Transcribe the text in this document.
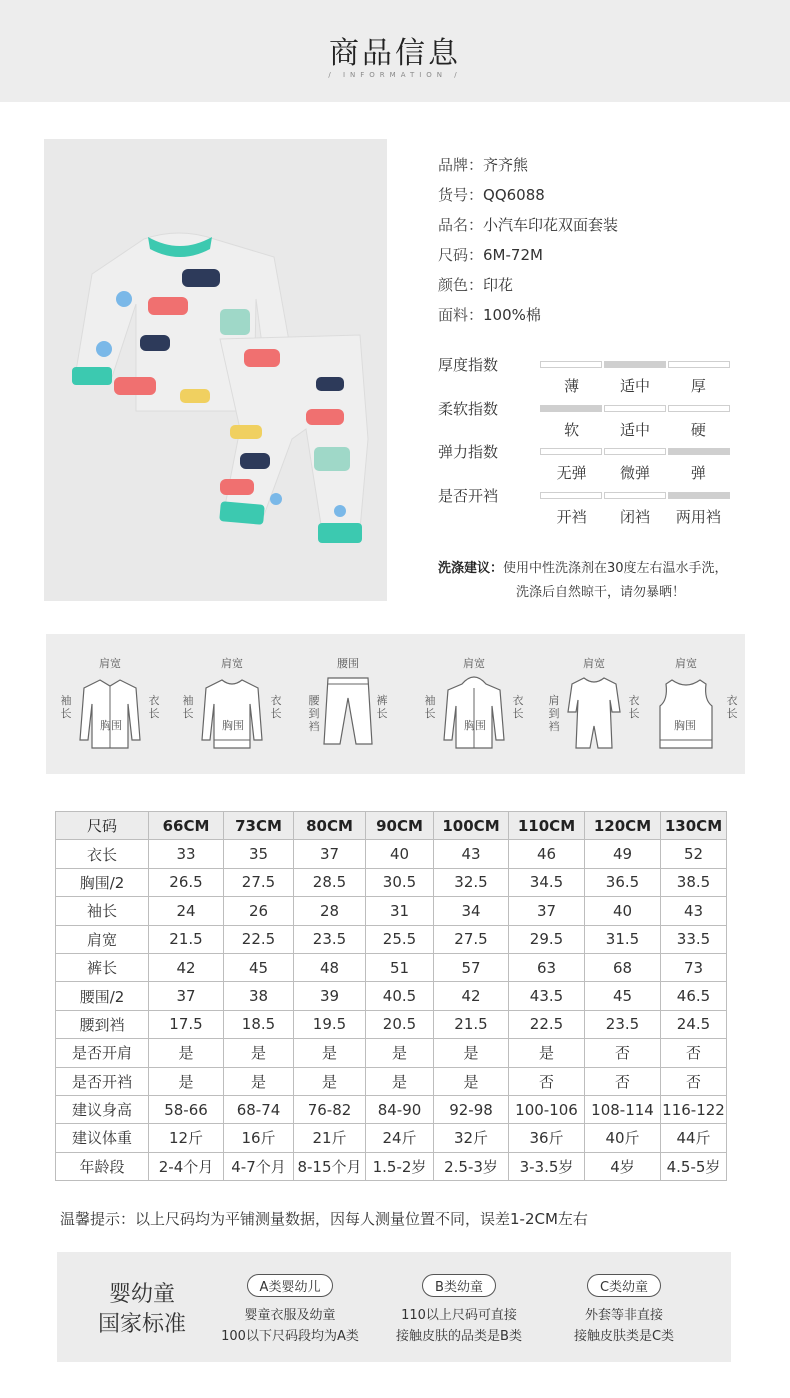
商品信息
/ INFORMATION /
品牌：齐齐熊
货号：QQ6088
品名：小汽车印花双面套装
尺码：6M-72M
颜色：印花
面料：100%棉
厚度指数
薄	适中	厚
柔软指数
软	适中	硬
弹力指数
无弹	微弹	弹
是否开裆
开裆	闭裆	两用裆
洗涤建议：使用中性洗涤剂在30度左右温水手洗，
洗涤后自然晾干，请勿暴晒！
肩宽
袖长
衣长
胸围
肩宽
袖长
衣长
胸围
腰围
腰到裆
裤长
肩宽
袖长
衣长
胸围
肩宽
肩到裆
衣长
肩宽
衣长
胸围
尺码	66CM	73CM	80CM	90CM	100CM	110CM	120CM	130CM
衣长	33	35	37	40	43	46	49	52
胸围/2	26.5	27.5	28.5	30.5	32.5	34.5	36.5	38.5
袖长	24	26	28	31	34	37	40	43
肩宽	21.5	22.5	23.5	25.5	27.5	29.5	31.5	33.5
裤长	42	45	48	51	57	63	68	73
腰围/2	37	38	39	40.5	42	43.5	45	46.5
腰到裆	17.5	18.5	19.5	20.5	21.5	22.5	23.5	24.5
是否开肩	是	是	是	是	是	是	否	否
是否开裆	是	是	是	是	是	否	否	否
建议身高	58-66	68-74	76-82	84-90	92-98	100-106	108-114	116-122
建议体重	12斤	16斤	21斤	24斤	32斤	36斤	40斤	44斤
年龄段	2-4个月	4-7个月	8-15个月	1.5-2岁	2.5-3岁	3-3.5岁	4岁	4.5-5岁
温馨提示：以上尺码均为平铺测量数据，因每人测量位置不同，误差1-2CM左右
婴幼童
国家标准
A类婴幼儿
婴童衣服及幼童
100以下尺码段均为A类
B类幼童
110以上尺码可直接
接触皮肤的品类是B类
C类幼童
外套等非直接
接触皮肤类是C类
